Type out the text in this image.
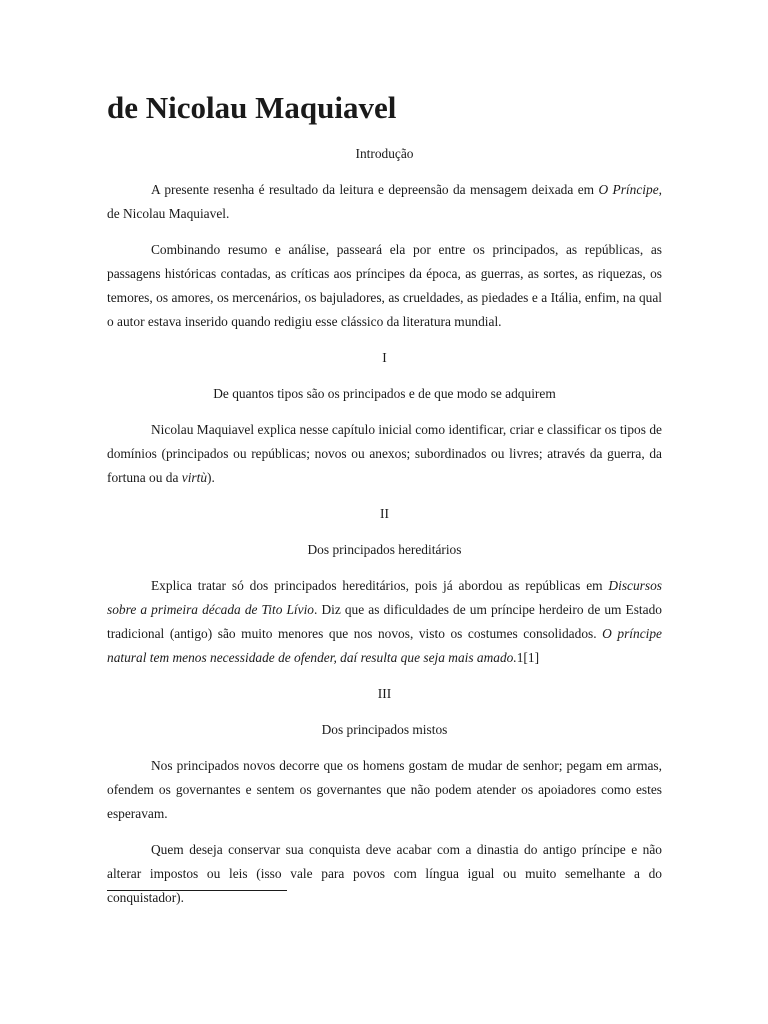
de Nicolau Maquiavel

Introdução

A presente resenha é resultado da leitura e depreensão da mensagem deixada em O Príncipe, de Nicolau Maquiavel.

Combinando resumo e análise, passeará ela por entre os principados, as repúblicas, as passagens históricas contadas, as críticas aos príncipes da época, as guerras, as sortes, as riquezas, os temores, os amores, os mercenários, os bajuladores, as crueldades, as piedades e a Itália, enfim, na qual o autor estava inserido quando redigiu esse clássico da literatura mundial.

I

De quantos tipos são os principados e de que modo se adquirem

Nicolau Maquiavel explica nesse capítulo inicial como identificar, criar e classificar os tipos de domínios (principados ou repúblicas; novos ou anexos; subordinados ou livres; através da guerra, da fortuna ou da virtù).

II

Dos principados hereditários

Explica tratar só dos principados hereditários, pois já abordou as repúblicas em Discursos sobre a primeira década de Tito Lívio. Diz que as dificuldades de um príncipe herdeiro de um Estado tradicional (antigo) são muito menores que nos novos, visto os costumes consolidados. O príncipe natural tem menos necessidade de ofender, daí resulta que seja mais amado.1[1]

III

Dos principados mistos

Nos principados novos decorre que os homens gostam de mudar de senhor; pegam em armas, ofendem os governantes e sentem os governantes que não podem atender os apoiadores como estes esperavam.

Quem deseja conservar sua conquista deve acabar com a dinastia do antigo príncipe e não alterar impostos ou leis (isso vale para povos com língua igual ou muito semelhante a do conquistador).
